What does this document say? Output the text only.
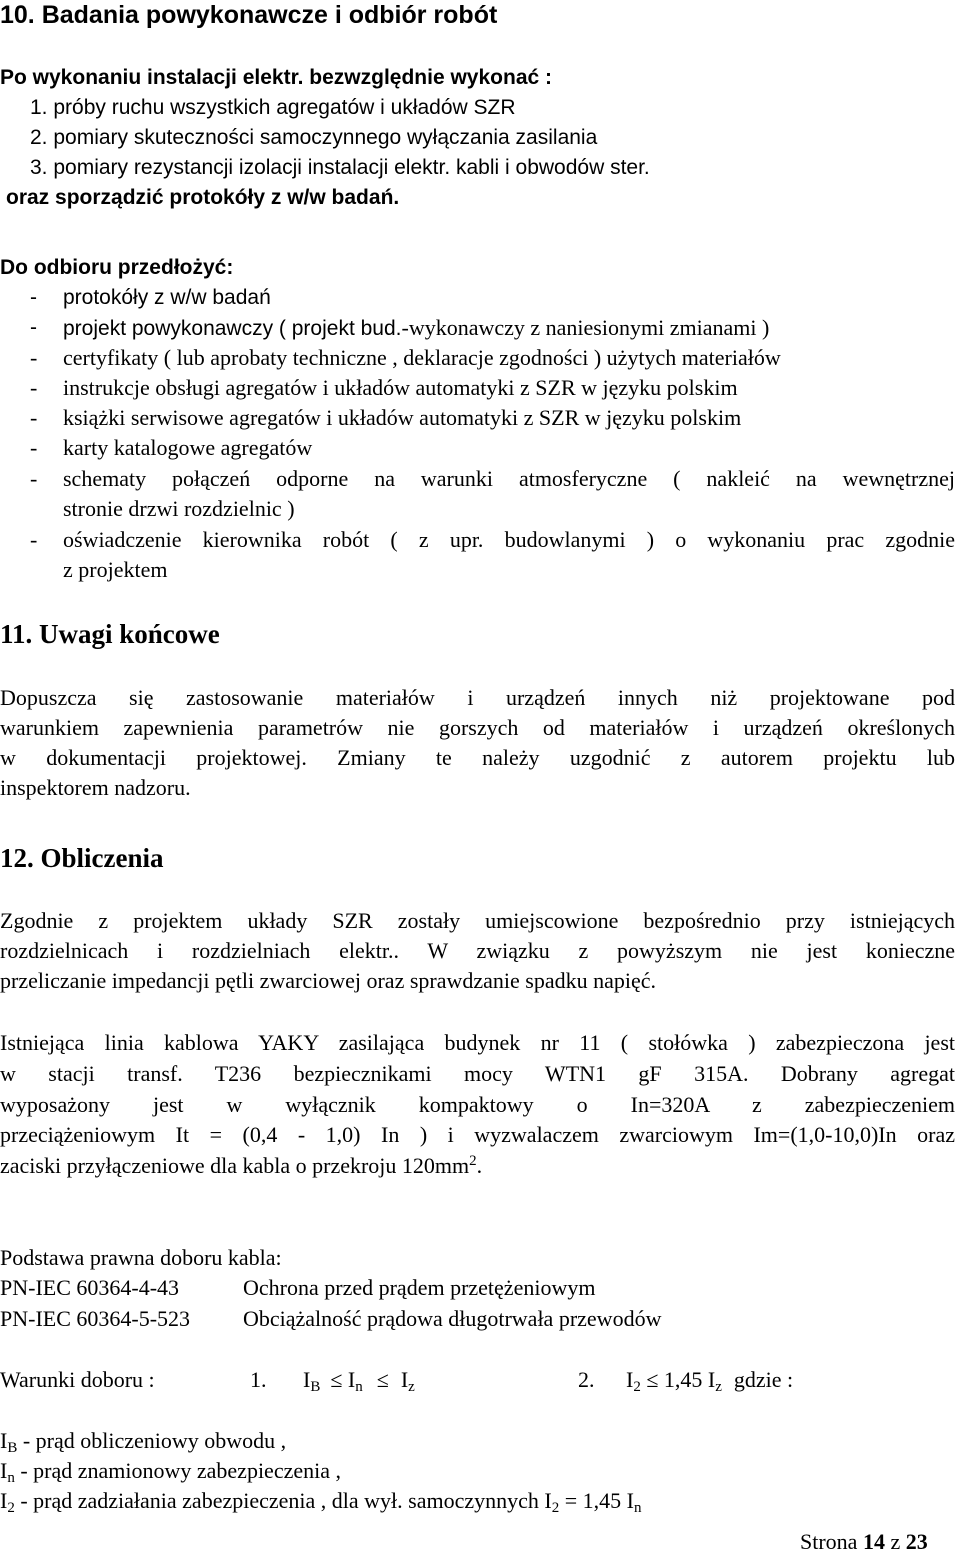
10. Badania powykonawcze i odbiór robót
Po wykonaniu instalacji elektr. bezwzględnie wykonać :
1. próby ruchu wszystkich agregatów i układów SZR
2. pomiary skuteczności samoczynnego wyłączania zasilania
3. pomiary rezystancji izolacji instalacji elektr. kabli i obwodów ster.
oraz sporządzić protokóły z w/w badań.
Do odbioru przedłożyć:
- protokóły z w/w badań
- projekt powykonawczy ( projekt bud.-wykonawczy z naniesionymi zmianami )
- certyfikaty ( lub aprobaty techniczne , deklaracje zgodności ) użytych materiałów
- instrukcje obsługi agregatów i układów automatyki z SZR w języku polskim
- książki serwisowe agregatów i układów automatyki z SZR w języku polskim
- karty katalogowe agregatów
- schematy połączeń odporne na warunki atmosferyczne ( nakleić na wewnętrznej
stronie drzwi rozdzielnic )
- oświadczenie kierownika robót ( z upr. budowlanymi ) o wykonaniu prac zgodnie
z projektem
11. Uwagi końcowe
Dopuszcza się zastosowanie materiałów i urządzeń innych niż projektowane pod
warunkiem zapewnienia parametrów nie gorszych od materiałów i urządzeń określonych
w dokumentacji projektowej. Zmiany te należy uzgodnić z autorem projektu lub
inspektorem nadzoru.
12. Obliczenia
Zgodnie z projektem układy SZR zostały umiejscowione bezpośrednio przy istniejących
rozdzielnicach i rozdzielniach elektr.. W związku z powyższym nie jest konieczne
przeliczanie impedancji pętli zwarciowej oraz sprawdzanie spadku napięć.
Istniejąca linia kablowa YAKY zasilająca budynek nr 11 ( stołówka ) zabezpieczona jest
w stacji transf. T236 bezpiecznikami mocy WTN1 gF 315A. Dobrany agregat
wyposażony jest w wyłącznik kompaktowy o In=320A z zabezpieczeniem
przeciążeniowym It = (0,4 - 1,0) In ) i wyzwalaczem zwarciowym Im=(1,0-10,0)In oraz
zaciski przyłączeniowe dla kabla o przekroju $120mm^2$.
Podstawa prawna doboru kabla:
PN-IEC 60364-4-43	Ochrona przed prądem przetężeniowym
PN-IEC 60364-5-523 Obciążalność prądowa długotrwała przewodów
Warunki doboru :	1. $I_B \le I_n \le I_z$	2. $I_2 \le 1,45$ $I_z$ gdzie :
$I_B$ - prąd obliczeniowy obwodu ,
$I_n$ - prąd znamionowy zabezpieczenia ,
$I_2$ - prąd zadziałania zabezpieczenia , dla wył. samoczynnych $I_2 = 1,45$ $I_n$
Strona 14 z 23
